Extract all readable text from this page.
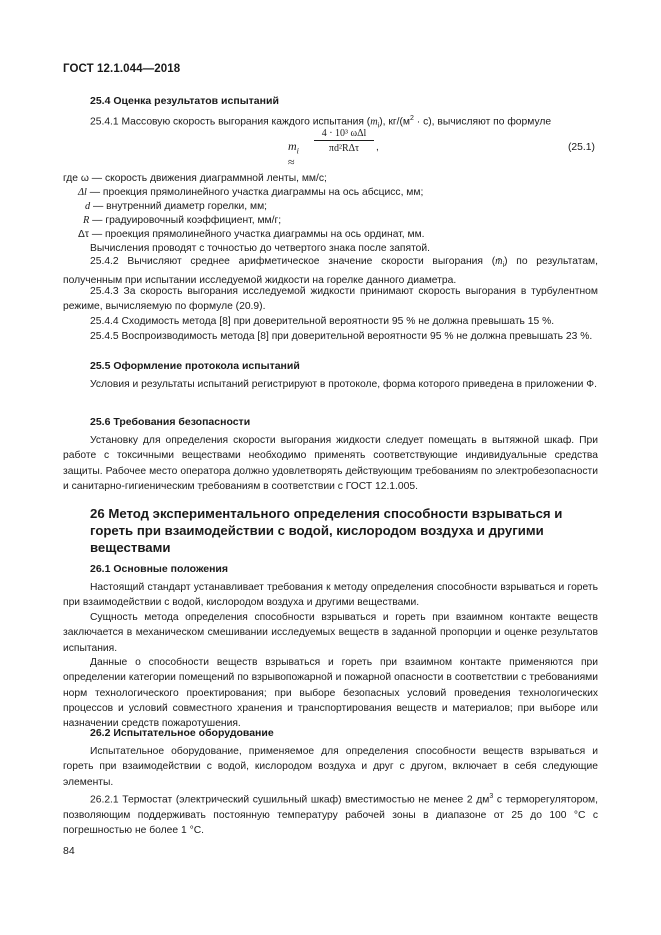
ГОСТ 12.1.044—2018
25.4 Оценка результатов испытаний
25.4.1 Массовую скорость выгорания каждого испытания $(m_i)$, $кг/(м^2 \cdot с)$, вычисляют по формуле
$m_i$ ≈
4 · 10³ ωΔl
πd²RΔτ	,	(25.1)
где ω — скорость движения диаграммной ленты, мм/с;
Δl — проекция прямолинейного участка диаграммы на ось абсцисс, мм;
d — внутренний диаметр горелки, мм;
R — градуировочный коэффициент, мм/г;
Δτ — проекция прямолинейного участка диаграммы на ось ординат, мм.
Вычисления проводят с точностью до четвертого знака после запятой.
25.4.2 Вычисляют среднее арифметическое значение скорости выгорания $(m̄_i)$ по результатам, полученным при испытании исследуемой жидкости на горелке данного диаметра.
25.4.3 За скорость выгорания исследуемой жидкости принимают скорость выгорания в турбулентном режиме, вычисляемую по формуле (20.9).
25.4.4 Сходимость метода [8] при доверительной вероятности 95 % не должна превышать 15 %.
25.4.5 Воспроизводимость метода [8] при доверительной вероятности 95 % не должна превышать 23 %.
25.5 Оформление протокола испытаний
Условия и результаты испытаний регистрируют в протоколе, форма которого приведена в приложении Ф.
25.6 Требования безопасности
Установку для определения скорости выгорания жидкости следует помещать в вытяжной шкаф. При работе с токсичными веществами необходимо применять соответствующие индивидуальные средства защиты. Рабочее место оператора должно удовлетворять действующим требованиям по электробезопасности и санитарно-гигиеническим требованиям в соответствии с ГОСТ 12.1.005.
26 Метод экспериментального определения способности взрываться и гореть при взаимодействии с водой, кислородом воздуха и другими веществами
26.1 Основные положения
Настоящий стандарт устанавливает требования к методу определения способности взрываться и гореть при взаимодействии с водой, кислородом воздуха и другими веществами.
Сущность метода определения способности взрываться и гореть при взаимном контакте веществ заключается в механическом смешивании исследуемых веществ в заданной пропорции и оценке результатов испытания.
Данные о способности веществ взрываться и гореть при взаимном контакте применяются при определении категории помещений по взрывопожарной и пожарной опасности в соответствии с требованиями норм технологического проектирования; при выборе безопасных условий проведения технологических процессов и условий совместного хранения и транспортирования веществ и материалов; при выборе или назначении средств пожаротушения.
26.2 Испытательное оборудование
Испытательное оборудование, применяемое для определения способности веществ взрываться и гореть при взаимодействии с водой, кислородом воздуха и друг с другом, включает в себя следующие элементы.
26.2.1 Термостат (электрический сушильный шкаф) вместимостью не менее 2 $дм^3$ с терморегулятором, позволяющим поддерживать постоянную температуру рабочей зоны в диапазоне от 25 до 100 °С с погрешностью не более 1 °С.
84
